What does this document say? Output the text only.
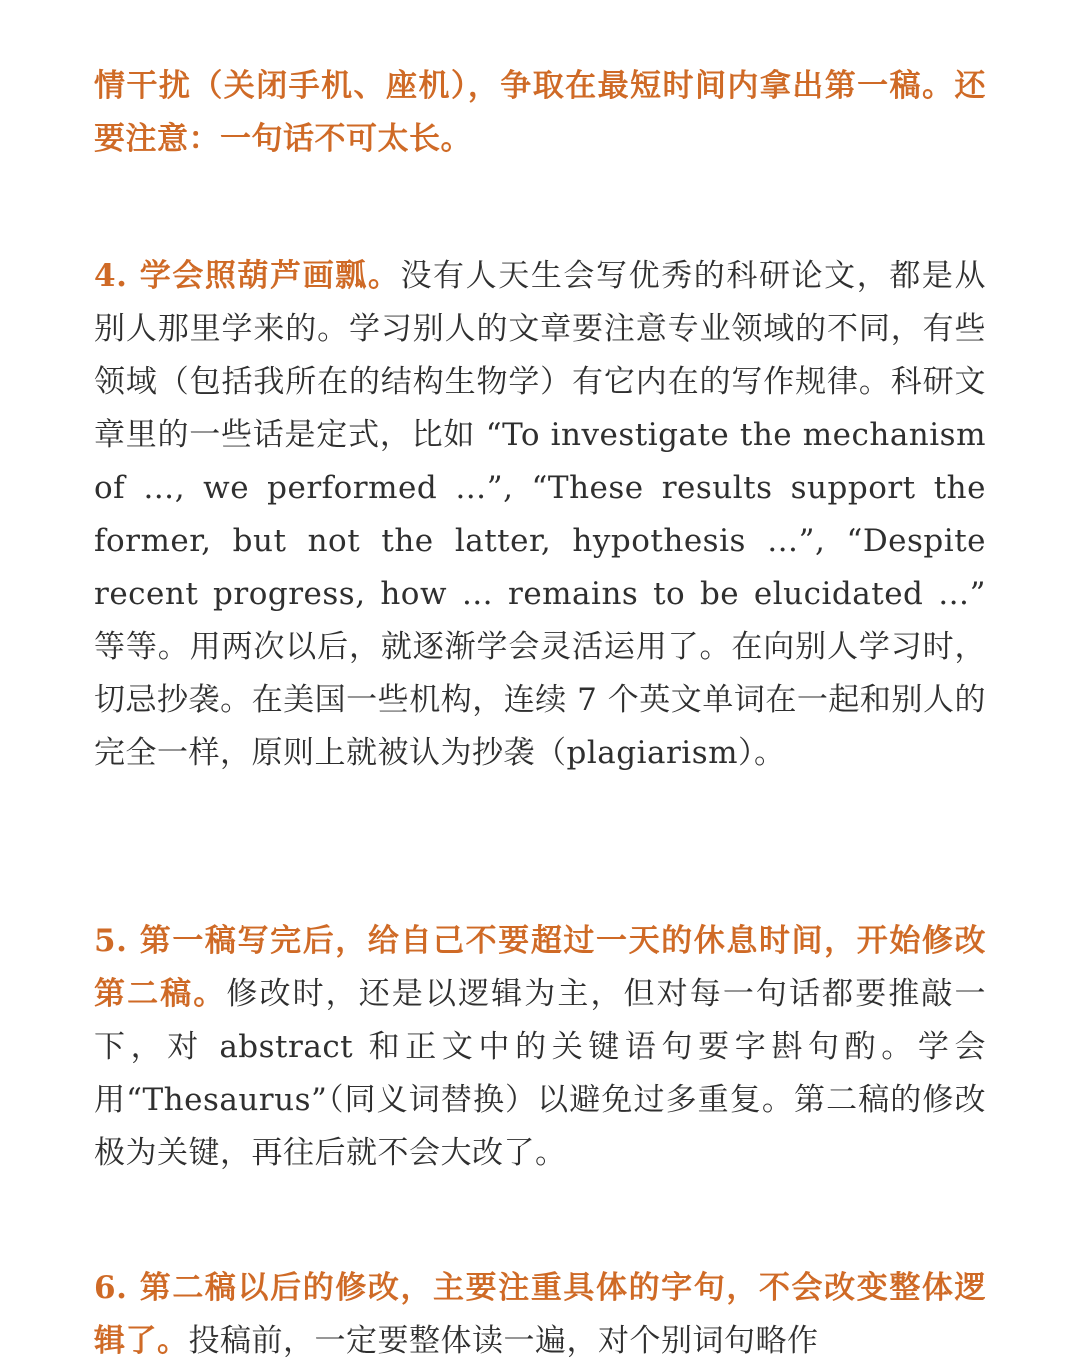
情干扰（关闭手机、座机），争取在最短时间内拿出第一稿。还要注意：一句话不可太长。

4. 学会照葫芦画瓢。没有人天生会写优秀的科研论文，都是从别人那里学来的。学习别人的文章要注意专业领域的不同，有些领域（包括我所在的结构生物学）有它内在的写作规律。科研文章里的一些话是定式，比如 “To investigate the mechanism of …, we performed …”, “These results support the former, but not the latter, hypothesis …”, “Despite recent progress, how … remains to be elucidated …” 等等。用两次以后，就逐渐学会灵活运用了。在向别人学习时，切忌抄袭。在美国一些机构，连续 7 个英文单词在一起和别人的完全一样，原则上就被认为抄袭（plagiarism）。

5. 第一稿写完后，给自己不要超过一天的休息时间，开始修改第二稿。修改时，还是以逻辑为主，但对每一句话都要推敲一下，对 abstract 和正文中的关键语句要字斟句酌。学会用“Thesaurus”（同义词替换）以避免过多重复。第二稿的修改极为关键，再往后就不会大改了。

6. 第二稿以后的修改，主要注重具体的字句，不会改变整体逻辑了。投稿前，一定要整体读一遍，对个别词句略作
